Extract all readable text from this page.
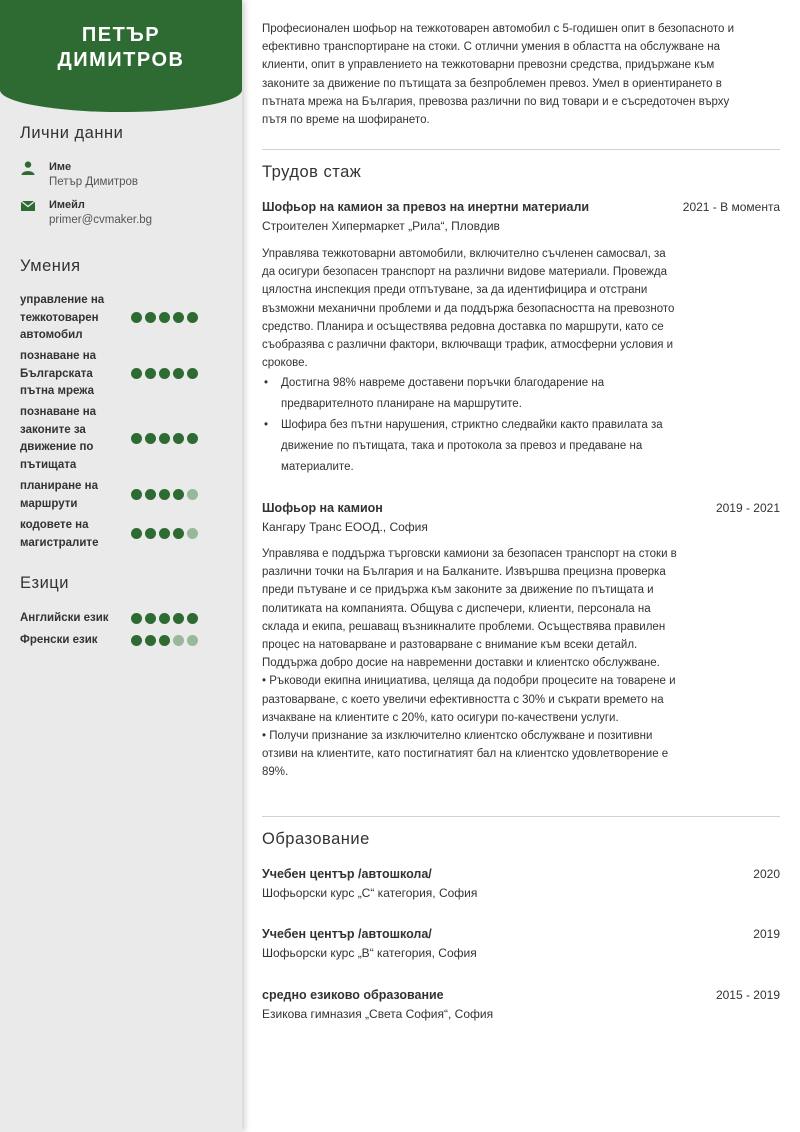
ПЕТЪР
ДИМИТРОВ
Лични данни
Име
Петър Димитров
Имейл
primer@cvmaker.bg
Умения
управление на тежкотоварен автомобил
познаване на Българската пътна мрежа
познаване на законите за движение по пътищата
планиране на маршрути
кодовете на магистралите
Езици
Английски език
Френски език

Професионален шофьор на тежкотоварен автомобил с 5-годишен опит в безопасното и ефективно транспортиране на стоки. С отлични умения в областта на обслужване на клиенти, опит в управлението на тежкотоварни превозни средства, придържане към законите за движение по пътищата за безпроблемен превоз. Умел в ориентирането в пътната мрежа на България, превозва различни по вид товари и е съсредоточен върху пътя по време на шофирането.

Трудов стаж
Шофьор на камион за превоз на инертни материали	2021 - В момента
Строителен Хипермаркет „Рила“, Пловдив

Управлява тежкотоварни автомобили, включително съчленен самосвал, за да осигури безопасен транспорт на различни видове материали. Провежда цялостна инспекция преди отпътуване, за да идентифицира и отстрани възможни механични проблеми и да поддържа безопасността на превозното средство. Планира и осъществява редовна доставка по маршрути, като се съобразява с различни фактори, включващи трафик, атмосферни условия и срокове.

• Достигна 98% навреме доставени поръчки благодарение на предварителното планиране на маршрутите.
• Шофира без пътни нарушения, стриктно следвайки както правилата за движение по пътищата, така и протокола за превоз и предаване на материалите.
Шофьор на камион	2019 - 2021
Кангару Транс ЕООД., София

Управлява е поддържа търговски камиони за безопасен транспорт на стоки в различни точки на България и на Балканите. Извършва прецизна проверка преди пътуване и се придържа към законите за движение по пътищата и политиката на компанията. Общува с диспечери, клиенти, персонала на склада и екипа, решаващ възникналите проблеми. Осъществява правилен процес на натоварване и разтоварване с внимание към всеки детайл. Поддържа добро досие на навременни доставки и клиентско обслужване.
• Ръководи екипна инициатива, целяща да подобри процесите на товарене и разтоварване, с което увеличи ефективността с 30% и съкрати времето на изчакване на клиентите с 20%, като осигури по-качествени услуги.
• Получи признание за изключително клиентско обслужване и позитивни отзиви на клиентите, като постигнатият бал на клиентско удовлетворение е 89%.

Образование
Учебен център /автошкола/	2020
Шофьорски курс „С“ категория, София
Учебен център /автошкола/	2019
Шофьорски курс „В“ категория, София
средно езиково образование	2015 - 2019
Езикова гимназия „Света София“, София
